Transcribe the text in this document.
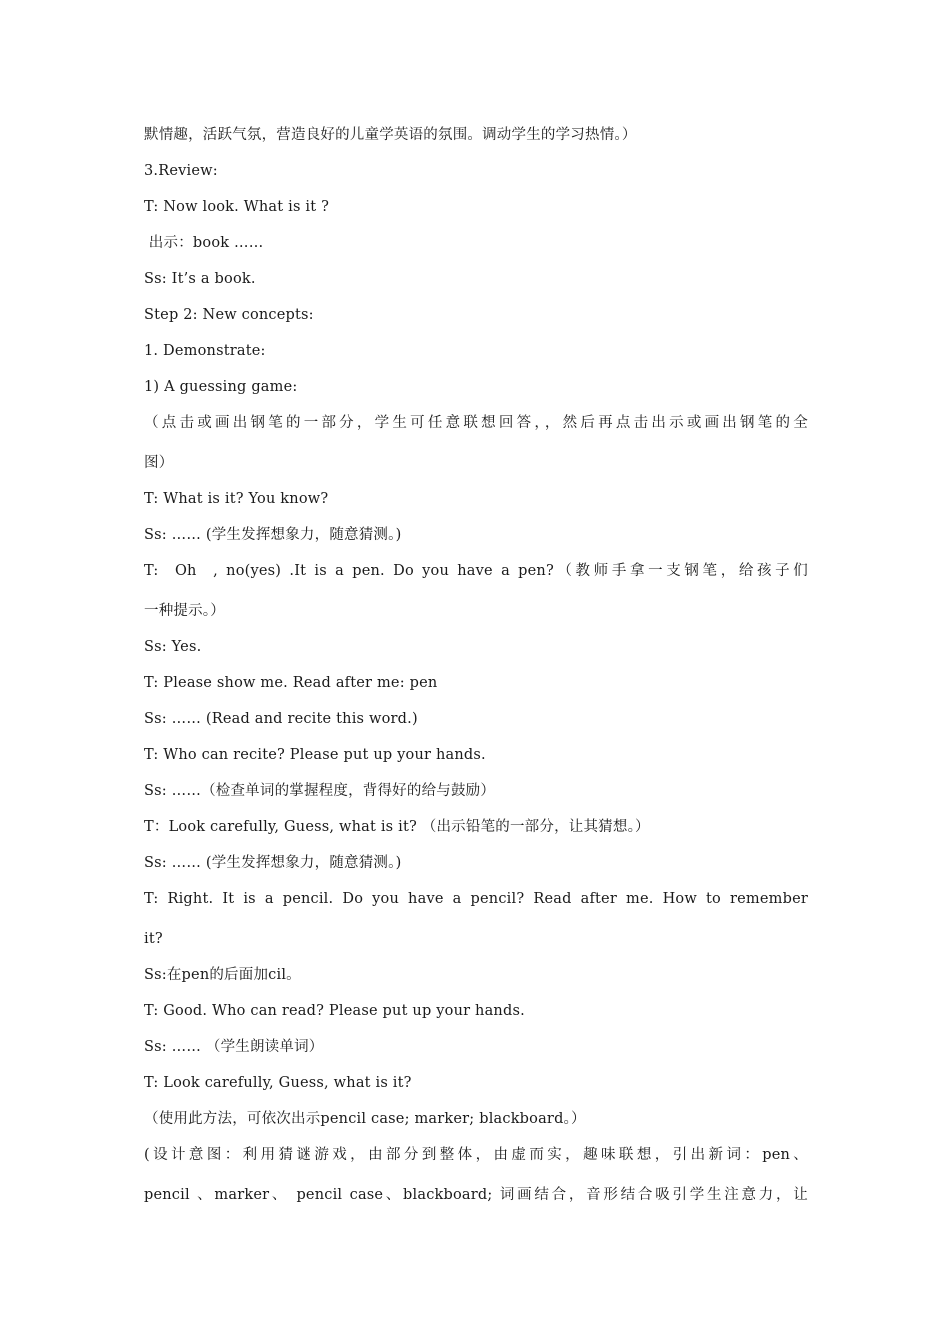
默情趣，活跃气氛，营造良好的儿童学英语的氛围。调动学生的学习热情。）
3.Review:
T: Now look. What is it ?
出示：book ……
Ss: It’s a book.
Step 2: New concepts:
1. Demonstrate:
1) A guessing game:
（点击或画出钢笔的一部分，学生可任意联想回答，，然后再点击出示或画出钢笔的全
图）
T: What is it? You know?
Ss: …… (学生发挥想象力，随意猜测。)
T:  Oh  , no(yes) .It is a pen. Do you have a pen?（教师手拿一支钢笔，给孩子们
一种提示。）
Ss: Yes.
T: Please show me. Read after me: pen
Ss: …… (Read and recite this word.)
T: Who can recite? Please put up your hands.
Ss: ……（检查单词的掌握程度，背得好的给与鼓励）
T：Look carefully, Guess, what is it? （出示铅笔的一部分，让其猜想。）
Ss: …… (学生发挥想象力，随意猜测。)
T: Right. It is a pencil. Do you have a pencil? Read after me. How to remember
it?
Ss:在pen的后面加cil。
T: Good. Who can read? Please put up your hands.
Ss: …… （学生朗读单词）
T: Look carefully, Guess, what is it?
（使用此方法，可依次出示pencil case; marker; blackboard。）
(设计意图：利用猜谜游戏，由部分到整体，由虚而实，趣味联想，引出新词：pen、
pencil 、marker、 pencil case、blackboard; 词画结合，音形结合吸引学生注意力，让
